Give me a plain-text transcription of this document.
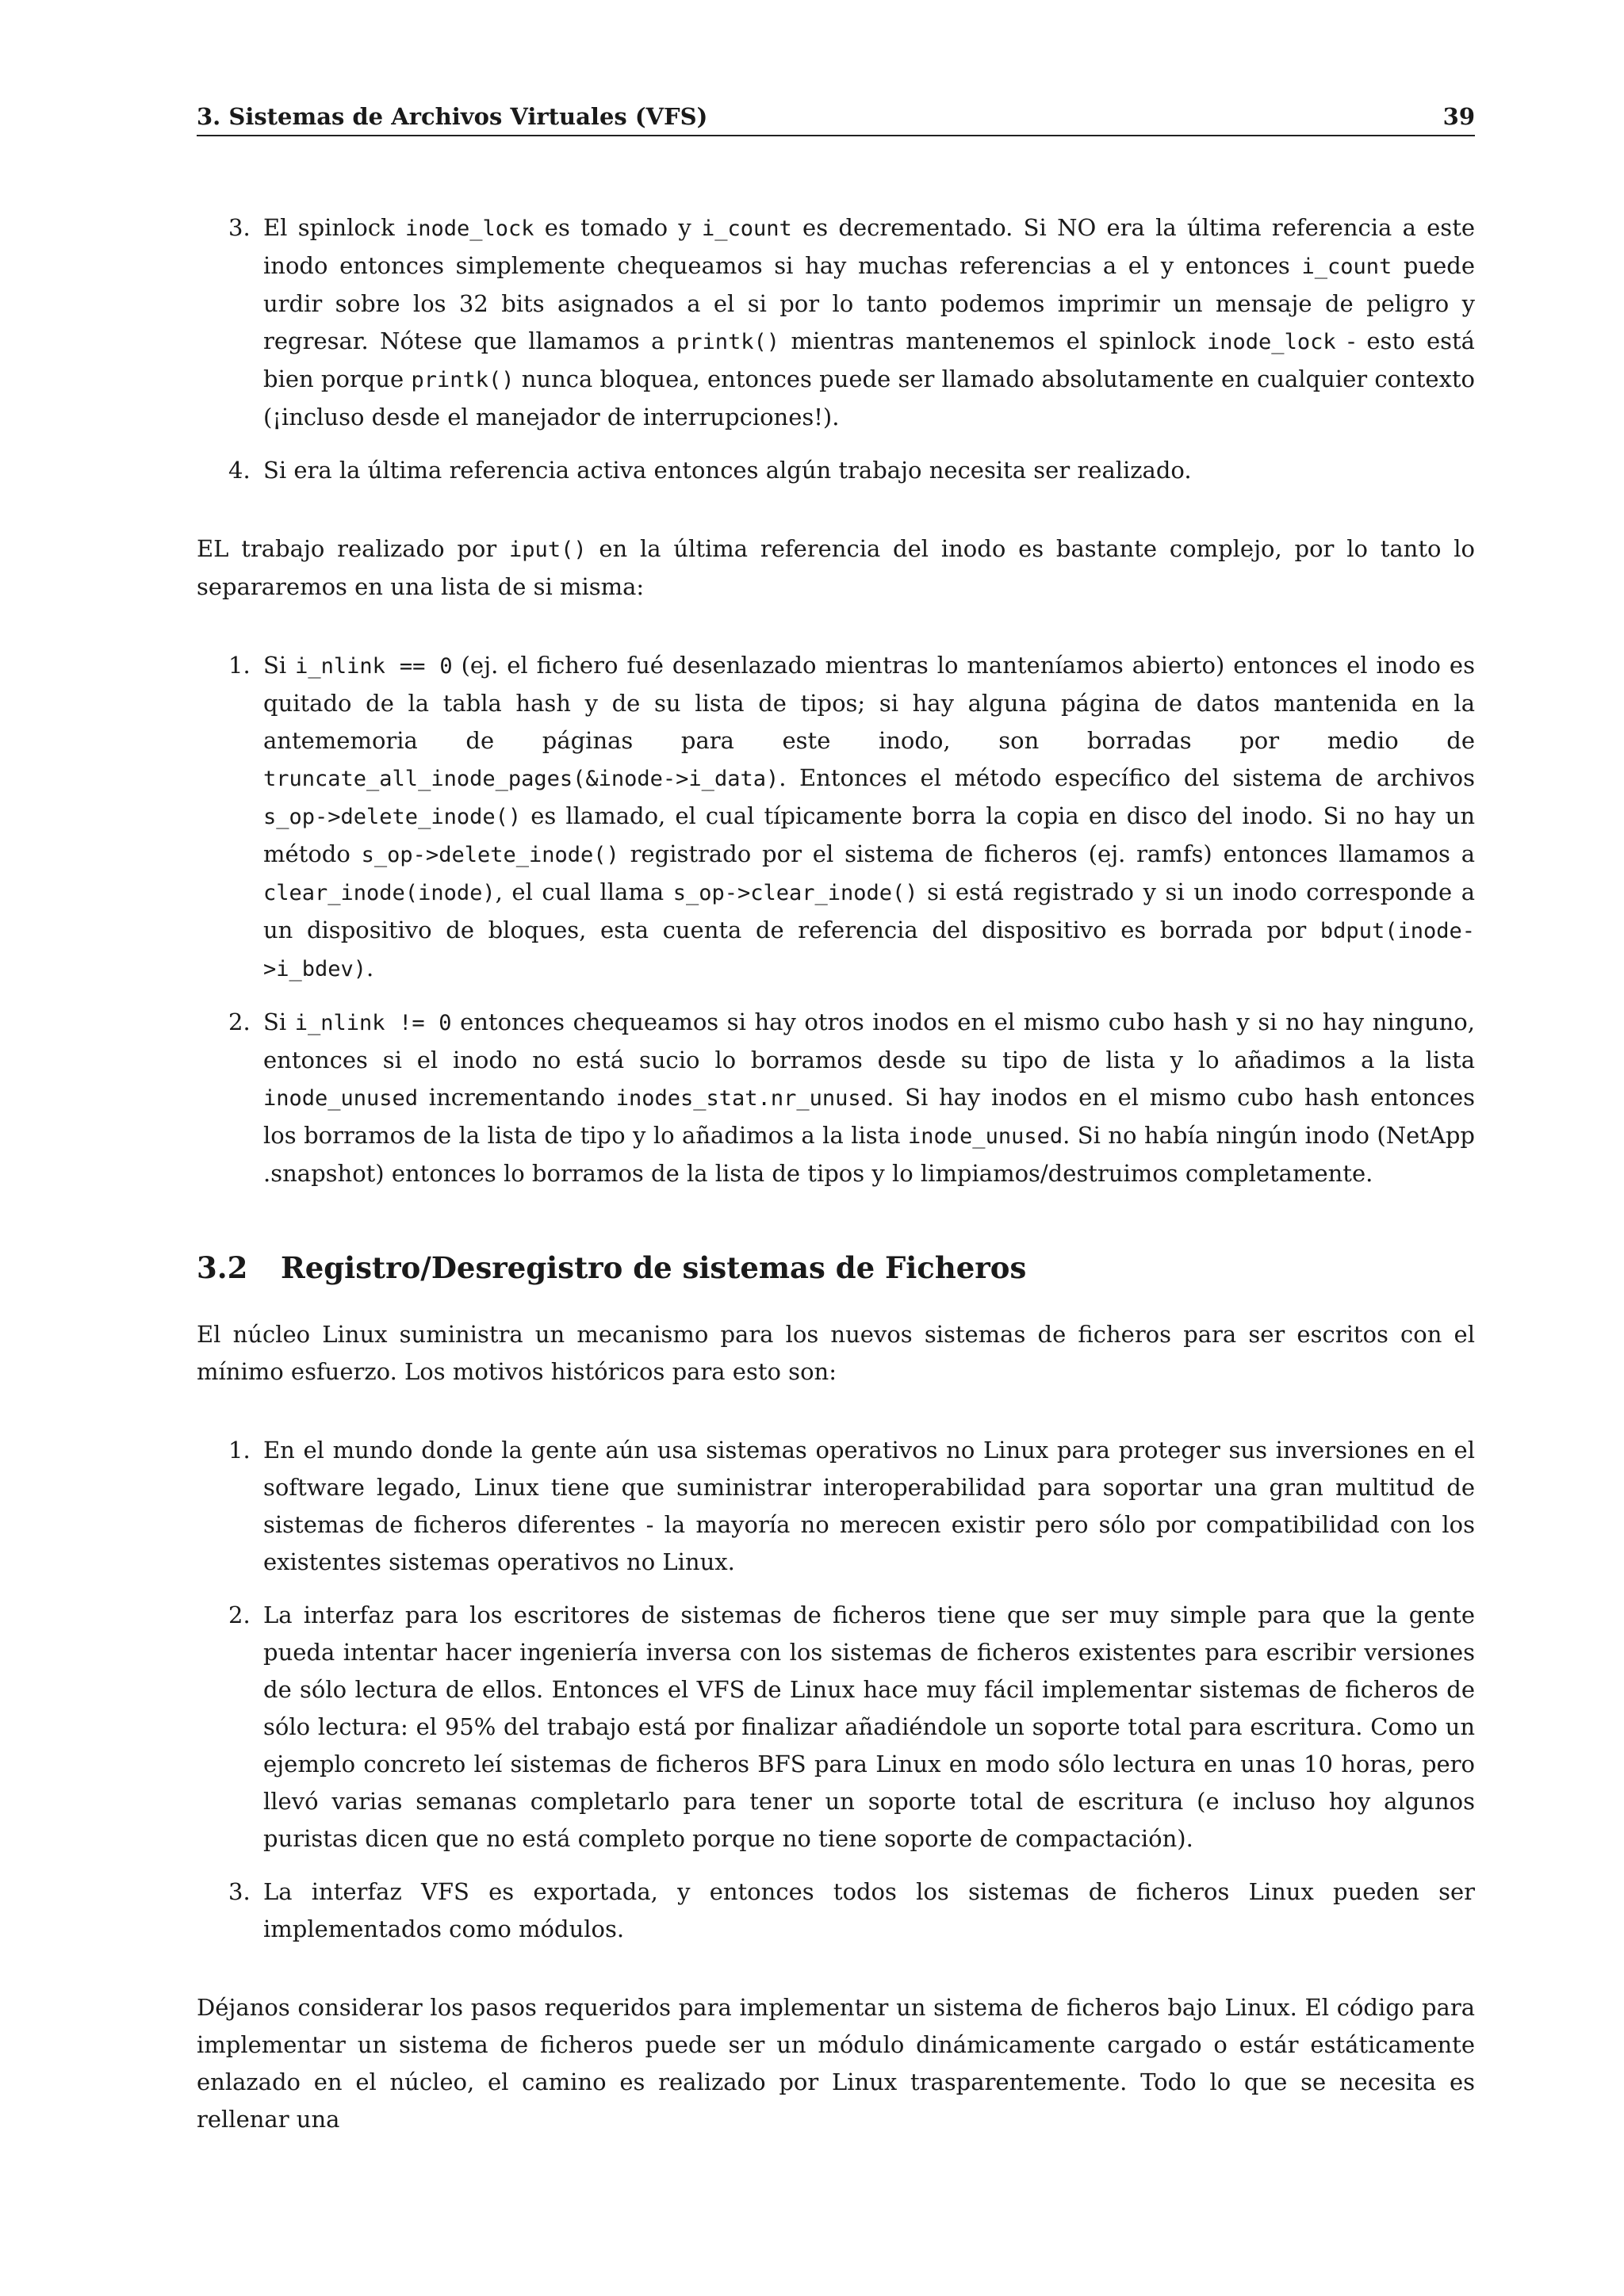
3. Sistemas de Archivos Virtuales (VFS)	39
3. El spinlock inode_lock es tomado y i_count es decrementado. Si NO era la última referencia a este inodo entonces simplemente chequeamos si hay muchas referencias a el y entonces i_count puede urdir sobre los 32 bits asignados a el si por lo tanto podemos imprimir un mensaje de peligro y regresar. Nótese que llamamos a printk() mientras mantenemos el spinlock inode_lock - esto está bien porque printk() nunca bloquea, entonces puede ser llamado absolutamente en cualquier contexto (¡incluso desde el manejador de interrupciones!).
4. Si era la última referencia activa entonces algún trabajo necesita ser realizado.

EL trabajo realizado por iput() en la última referencia del inodo es bastante complejo, por lo tanto lo separaremos en una lista de si misma:

1. Si i_nlink == 0 (ej. el fichero fué desenlazado mientras lo manteníamos abierto) entonces el inodo es quitado de la tabla hash y de su lista de tipos; si hay alguna página de datos mantenida en la antememoria de páginas para este inodo, son borradas por medio de truncate_all_inode_pages(&inode->i_data). Entonces el método específico del sistema de archivos s_op->delete_inode() es llamado, el cual típicamente borra la copia en disco del inodo. Si no hay un método s_op->delete_inode() registrado por el sistema de ficheros (ej. ramfs) entonces llamamos a clear_inode(inode), el cual llama s_op->clear_inode() si está registrado y si un inodo corresponde a un dispositivo de bloques, esta cuenta de referencia del dispositivo es borrada por bdput(inode->i_bdev).
2. Si i_nlink != 0 entonces chequeamos si hay otros inodos en el mismo cubo hash y si no hay ninguno, entonces si el inodo no está sucio lo borramos desde su tipo de lista y lo añadimos a la lista inode_unused incrementando inodes_stat.nr_unused. Si hay inodos en el mismo cubo hash entonces los borramos de la lista de tipo y lo añadimos a la lista inode_unused. Si no había ningún inodo (NetApp .snapshot) entonces lo borramos de la lista de tipos y lo limpiamos/destruimos completamente.
3.2	Registro/Desregistro de sistemas de Ficheros

El núcleo Linux suministra un mecanismo para los nuevos sistemas de ficheros para ser escritos con el mínimo esfuerzo. Los motivos históricos para esto son:

1. En el mundo donde la gente aún usa sistemas operativos no Linux para proteger sus inversiones en el software legado, Linux tiene que suministrar interoperabilidad para soportar una gran multitud de sistemas de ficheros diferentes - la mayoría no merecen existir pero sólo por compatibilidad con los existentes sistemas operativos no Linux.
2. La interfaz para los escritores de sistemas de ficheros tiene que ser muy simple para que la gente pueda intentar hacer ingeniería inversa con los sistemas de ficheros existentes para escribir versiones de sólo lectura de ellos. Entonces el VFS de Linux hace muy fácil implementar sistemas de ficheros de sólo lectura: el 95% del trabajo está por finalizar añadiéndole un soporte total para escritura. Como un ejemplo concreto leí sistemas de ficheros BFS para Linux en modo sólo lectura en unas 10 horas, pero llevó varias semanas completarlo para tener un soporte total de escritura (e incluso hoy algunos puristas dicen que no está completo porque no tiene soporte de compactación).
3. La interfaz VFS es exportada, y entonces todos los sistemas de ficheros Linux pueden ser implementados como módulos.

Déjanos considerar los pasos requeridos para implementar un sistema de ficheros bajo Linux. El código para implementar un sistema de ficheros puede ser un módulo dinámicamente cargado o estár estáticamente enlazado en el núcleo, el camino es realizado por Linux trasparentemente. Todo lo que se necesita es rellenar una
